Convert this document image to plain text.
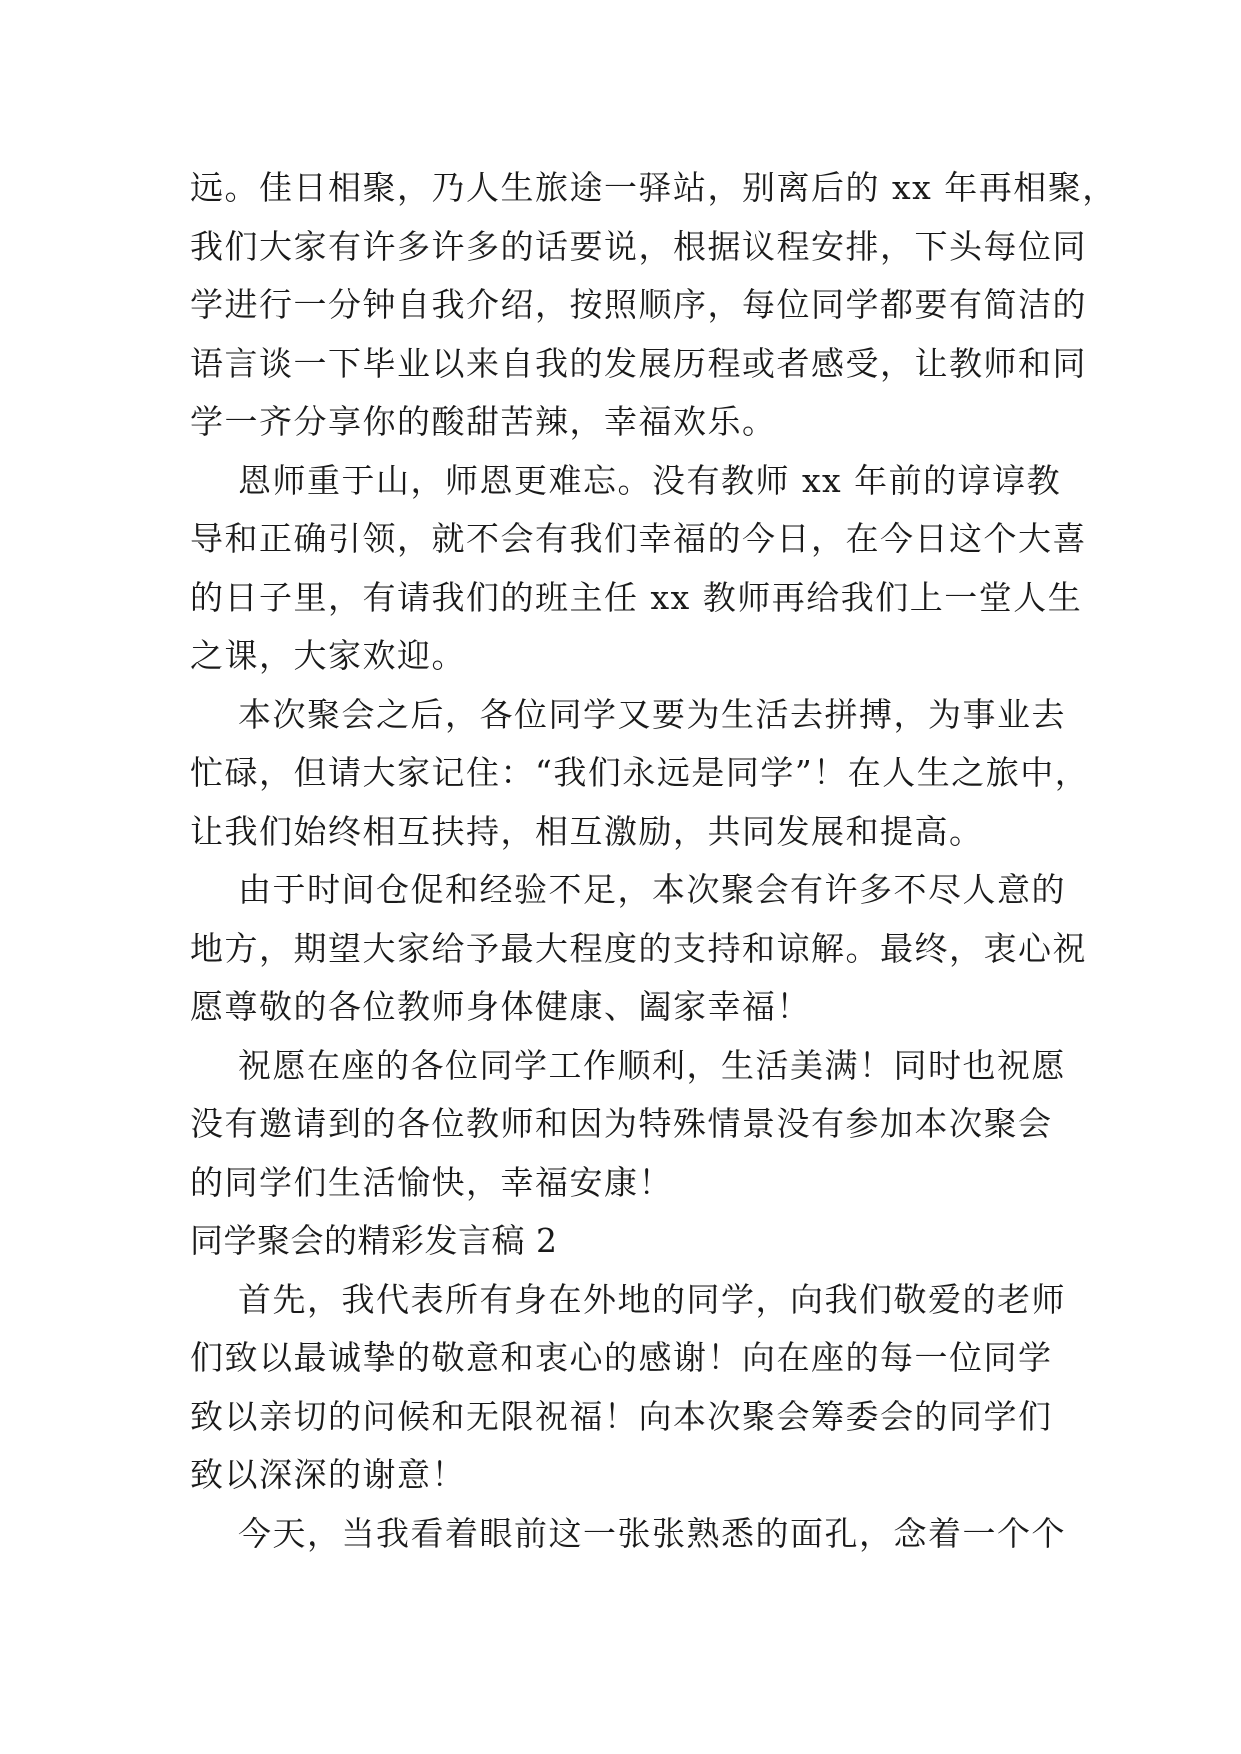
远。佳日相聚，乃人生旅途一驿站，别离后的 xx 年再相聚，
我们大家有许多许多的话要说，根据议程安排，下头每位同
学进行一分钟自我介绍，按照顺序，每位同学都要有简洁的
语言谈一下毕业以来自我的发展历程或者感受，让教师和同
学一齐分享你的酸甜苦辣，幸福欢乐。
恩师重于山，师恩更难忘。没有教师 xx 年前的谆谆教
导和正确引领，就不会有我们幸福的今日，在今日这个大喜
的日子里，有请我们的班主任 xx 教师再给我们上一堂人生
之课，大家欢迎。
本次聚会之后，各位同学又要为生活去拼搏，为事业去
忙碌，但请大家记住：“我们永远是同学”！在人生之旅中，
让我们始终相互扶持，相互激励，共同发展和提高。
由于时间仓促和经验不足，本次聚会有许多不尽人意的
地方，期望大家给予最大程度的支持和谅解。最终，衷心祝
愿尊敬的各位教师身体健康、阖家幸福！
祝愿在座的各位同学工作顺利，生活美满！同时也祝愿
没有邀请到的各位教师和因为特殊情景没有参加本次聚会
的同学们生活愉快，幸福安康！
同学聚会的精彩发言稿 2
首先，我代表所有身在外地的同学，向我们敬爱的老师
们致以最诚挚的敬意和衷心的感谢！向在座的每一位同学
致以亲切的问候和无限祝福！向本次聚会筹委会的同学们
致以深深的谢意！
今天，当我看着眼前这一张张熟悉的面孔，念着一个个
